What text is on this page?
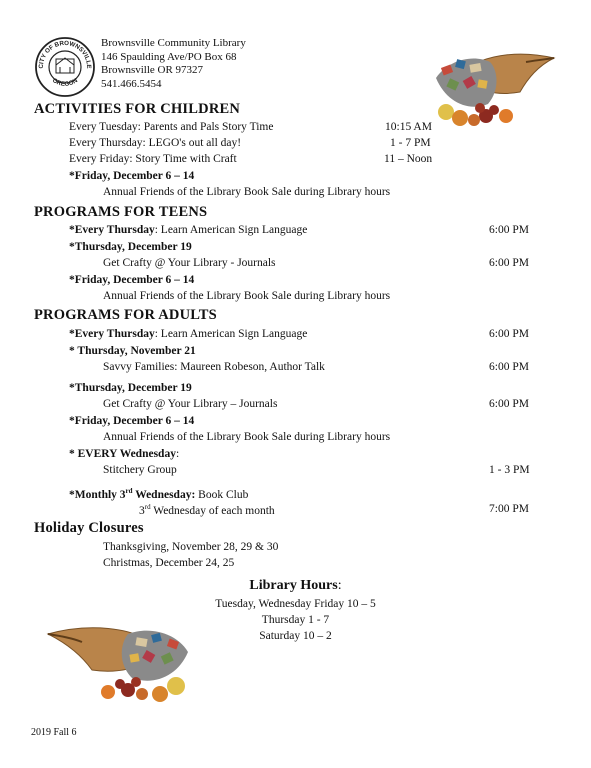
CITY OF BROWNSVILLE
OREGON
Brownsville Community Library
146 Spaulding Ave/PO Box 68
Brownsville OR 97327
541.466.5454
ACTIVITIES FOR CHILDREN
Every Tuesday: Parents and Pals Story Time	10:15 AM
Every Thursday: LEGO's out all day!	1 - 7 PM
Every Friday: Story Time with Craft	11 – Noon
*Friday, December 6 – 14
Annual Friends of the Library Book Sale during Library hours
PROGRAMS FOR TEENS
*Every Thursday: Learn American Sign Language	6:00 PM
*Thursday, December 19
Get Crafty @ Your Library - Journals	6:00 PM
*Friday, December 6 – 14
Annual Friends of the Library Book Sale during Library hours
PROGRAMS FOR ADULTS
*Every Thursday: Learn American Sign Language	6:00 PM
* Thursday, November 21
Savvy Families: Maureen Robeson, Author Talk	6:00 PM
*Thursday, December 19
Get Crafty @ Your Library – Journals	6:00 PM
*Friday, December 6 – 14
Annual Friends of the Library Book Sale during Library hours
* EVERY Wednesday:
Stitchery Group	1 - 3 PM
*Monthly 3rd Wednesday: Book Club
3rd Wednesday of each month	7:00 PM
Holiday Closures
Thanksgiving, November 28, 29 & 30
Christmas, December 24, 25
Library Hours:
Tuesday, Wednesday Friday 10 – 5
Thursday 1 - 7
Saturday 10 – 2
2019 Fall 6
